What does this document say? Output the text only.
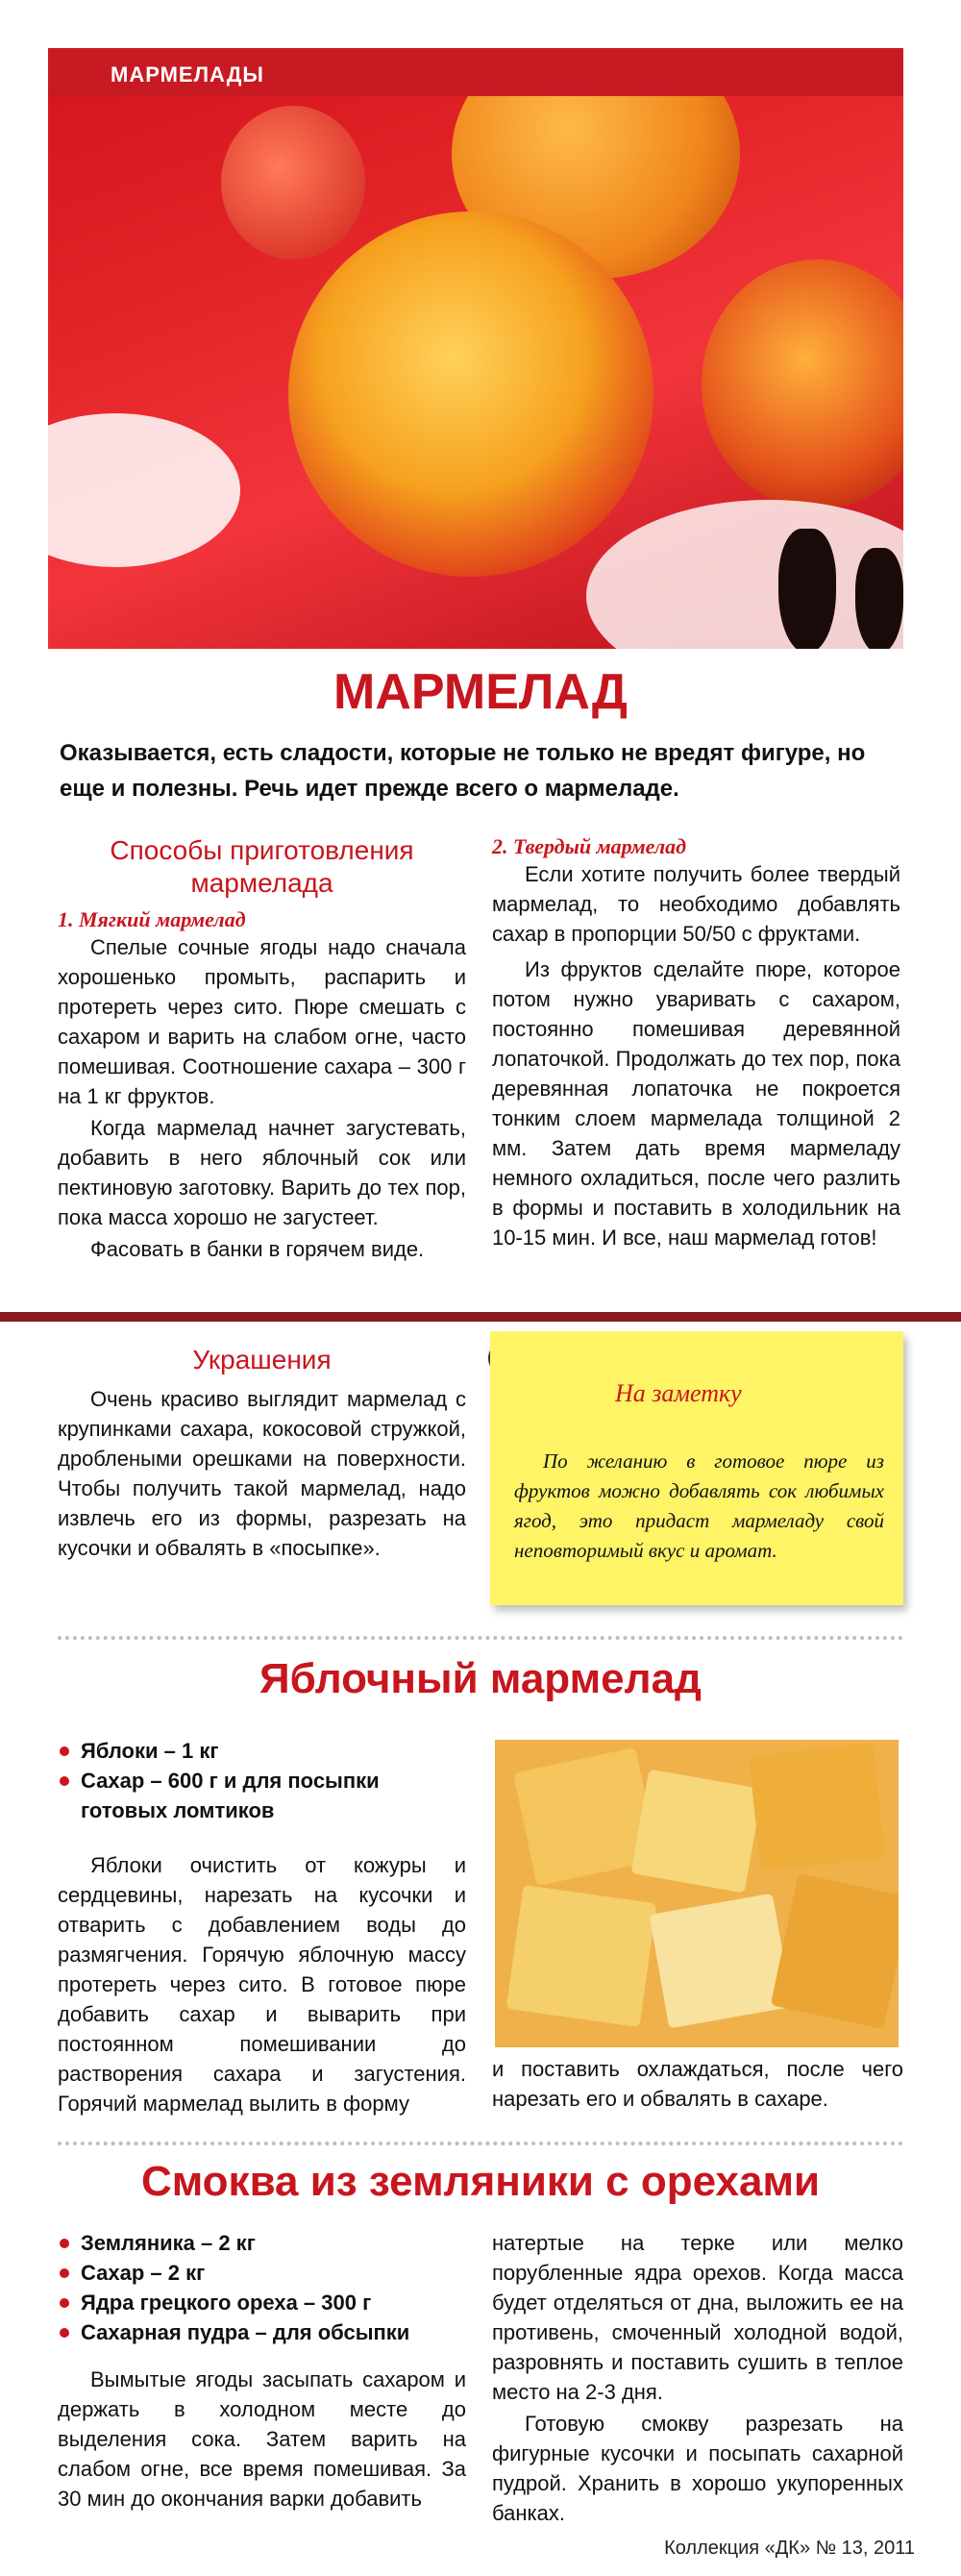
МАРМЕЛАДЫ
МАРМЕЛАД
Оказывается, есть сладости, которые не только не вредят фигуре, но еще и полезны. Речь идет прежде всего о мармеладе.
Способы приготовления мармелада
1. Мягкий мармелад

Спелые сочные ягоды надо сначала хорошенько промыть, распарить и протереть через сито. Пюре смешать с сахаром и варить на слабом огне, часто помешивая. Соотношение сахара – 300 г на 1 кг фруктов.

Когда мармелад начнет загустевать, добавить в него яблочный сок или пектиновую заготовку. Варить до тех пор, пока масса хорошо не загустеет.

Фасовать в банки в горячем виде.

2. Твердый мармелад

Если хотите получить более твердый мармелад, то необходимо добавлять сахар в пропорции 50/50 с фруктами.

Из фруктов сделайте пюре, которое потом нужно уваривать с сахаром, постоянно помешивая деревянной лопаточкой. Продолжать до тех пор, пока деревянная лопаточка не покроется тонким слоем мармелада толщиной 2 мм. Затем дать время мармеладу немного охладиться, после чего разлить в формы и поставить в холодильник на 10-15 мин. И все, наш мармелад готов!

Украшения

Очень красиво выглядит мармелад с крупинками сахара, кокосовой стружкой, дроблеными орешками на поверхности. Чтобы получить такой мармелад, надо извлечь его из формы, разрезать на кусочки и обвалять в «посыпке».

На заметку
По желанию в готовое пюре из фруктов можно добавлять сок любимых ягод, это придаст мармеладу свой неповторимый вкус и аромат.
Яблочный мармелад
Яблоки – 1 кг
Сахар – 600 г и для посыпки готовых ломтиков

Яблоки очистить от кожуры и сердцевины, нарезать на кусочки и отварить с добавлением воды до размягчения. Горячую яблочную массу протереть через сито. В готовое пюре добавить сахар и выварить при постоянном помешивании до растворения сахара и загустения. Горячий мармелад вылить в форму

и поставить охлаждаться, после чего нарезать его и обвалять в сахаре.

Смоква из земляники с орехами
Земляника – 2 кг
Сахар – 2 кг
Ядра грецкого ореха – 300 г
Сахарная пудра – для обсыпки

Вымытые ягоды засыпать сахаром и держать в холодном месте до выделения сока. Затем варить на слабом огне, все время помешивая. За 30 мин до окончания варки добавить

натертые на терке или мелко порубленные ядра орехов. Когда масса будет отделяться от дна, выложить ее на противень, смоченный холодной водой, разровнять и поставить сушить в теплое место на 2-3 дня.

Готовую смокву разрезать на фигурные кусочки и посыпать сахарной пудрой. Хранить в хорошо укупоренных банках.

Коллекция «ДК» № 13, 2011
